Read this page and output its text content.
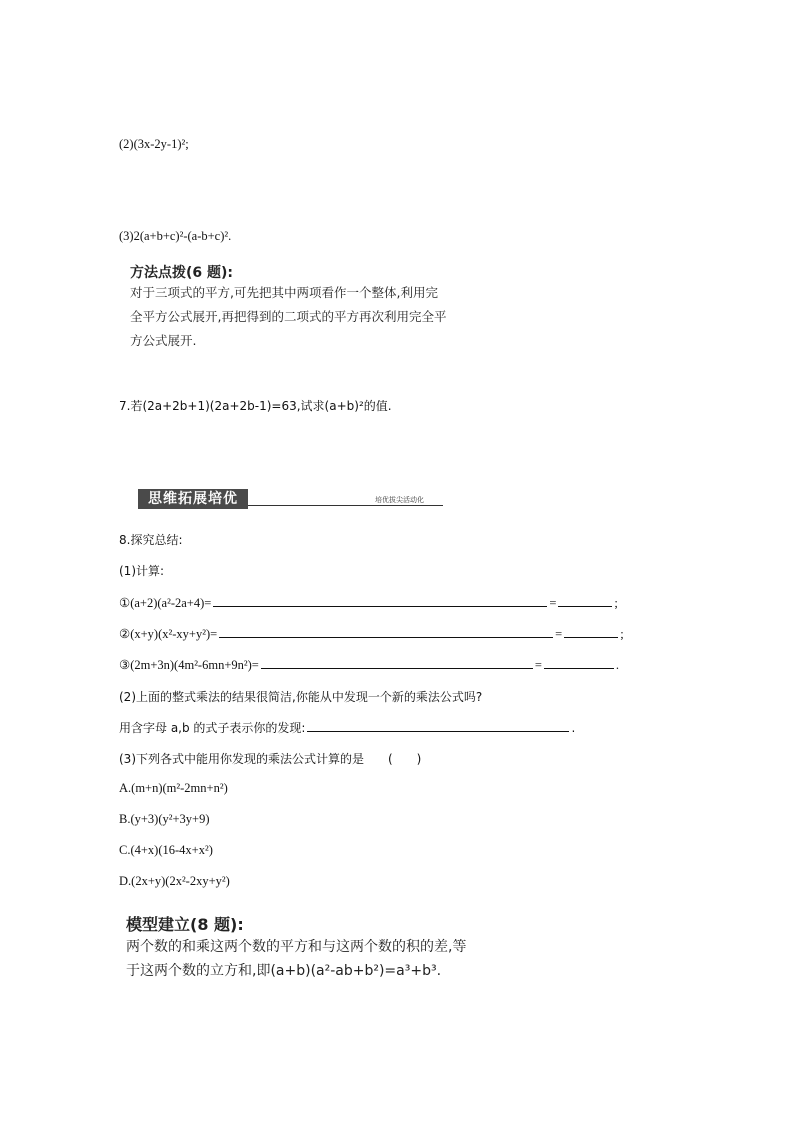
(2)(3x-2y-1)²;
(3)2(a+b+c)²-(a-b+c)².
方法点拨(6 题):
对于三项式的平方,可先把其中两项看作一个整体,利用完全平方公式展开,再把得到的二项式的平方再次利用完全平方公式展开.
7.若(2a+2b+1)(2a+2b-1)=63,试求(a+b)²的值.
思维拓展培优	培优拔尖活动化
8.探究总结:
(1)计算:
①(a+2)(a²-2a+4)=	=	;
②(x+y)(x²-xy+y²)=	=	;
③(2m+3n)(4m²-6mn+9n²)=	=	.
(2)上面的整式乘法的结果很简洁,你能从中发现一个新的乘法公式吗?
用含字母 a,b 的式子表示你的发现:	.
(3)下列各式中能用你发现的乘法公式计算的是　　(　　)
A.(m+n)(m²-2mn+n²)
B.(y+3)(y²+3y+9)
C.(4+x)(16-4x+x²)
D.(2x+y)(2x²-2xy+y²)
模型建立(8 题):
两个数的和乘这两个数的平方和与这两个数的积的差,等于这两个数的立方和,即(a+b)(a²-ab+b²)=a³+b³.
